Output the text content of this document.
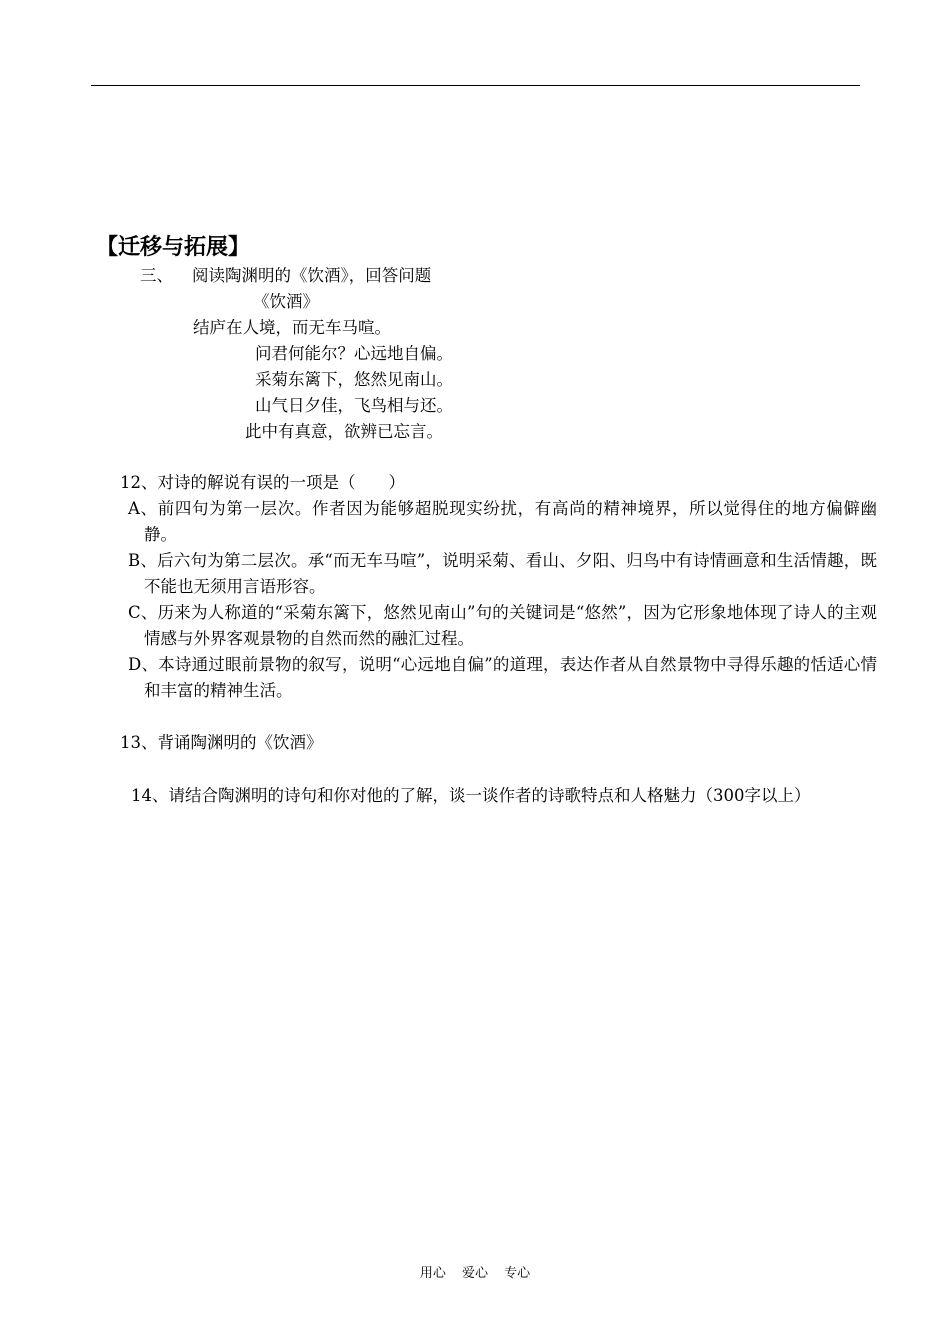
【迁移与拓展】
三、 阅读陶渊明的《饮酒》，回答问题
《饮酒》
结庐在人境，而无车马喧。
问君何能尔？心远地自偏。
采菊东篱下，悠然见南山。
山气日夕佳，飞鸟相与还。
此中有真意，欲辨已忘言。
12、对诗的解说有误的一项是（　　）
A、前四句为第一层次。作者因为能够超脱现实纷扰，有高尚的精神境界，所以觉得住的地方偏僻幽静。
B、后六句为第二层次。承“而无车马喧”，说明采菊、看山、夕阳、归鸟中有诗情画意和生活情趣，既不能也无须用言语形容。
C、历来为人称道的“采菊东篱下，悠然见南山”句的关键词是“悠然”，因为它形象地体现了诗人的主观情感与外界客观景物的自然而然的融汇过程。
D、本诗通过眼前景物的叙写，说明“心远地自偏”的道理，表达作者从自然景物中寻得乐趣的恬适心情和丰富的精神生活。
13、背诵陶渊明的《饮酒》
14、请结合陶渊明的诗句和你对他的了解，谈一谈作者的诗歌特点和人格魅力（300字以上）
用心 爱心 专心
